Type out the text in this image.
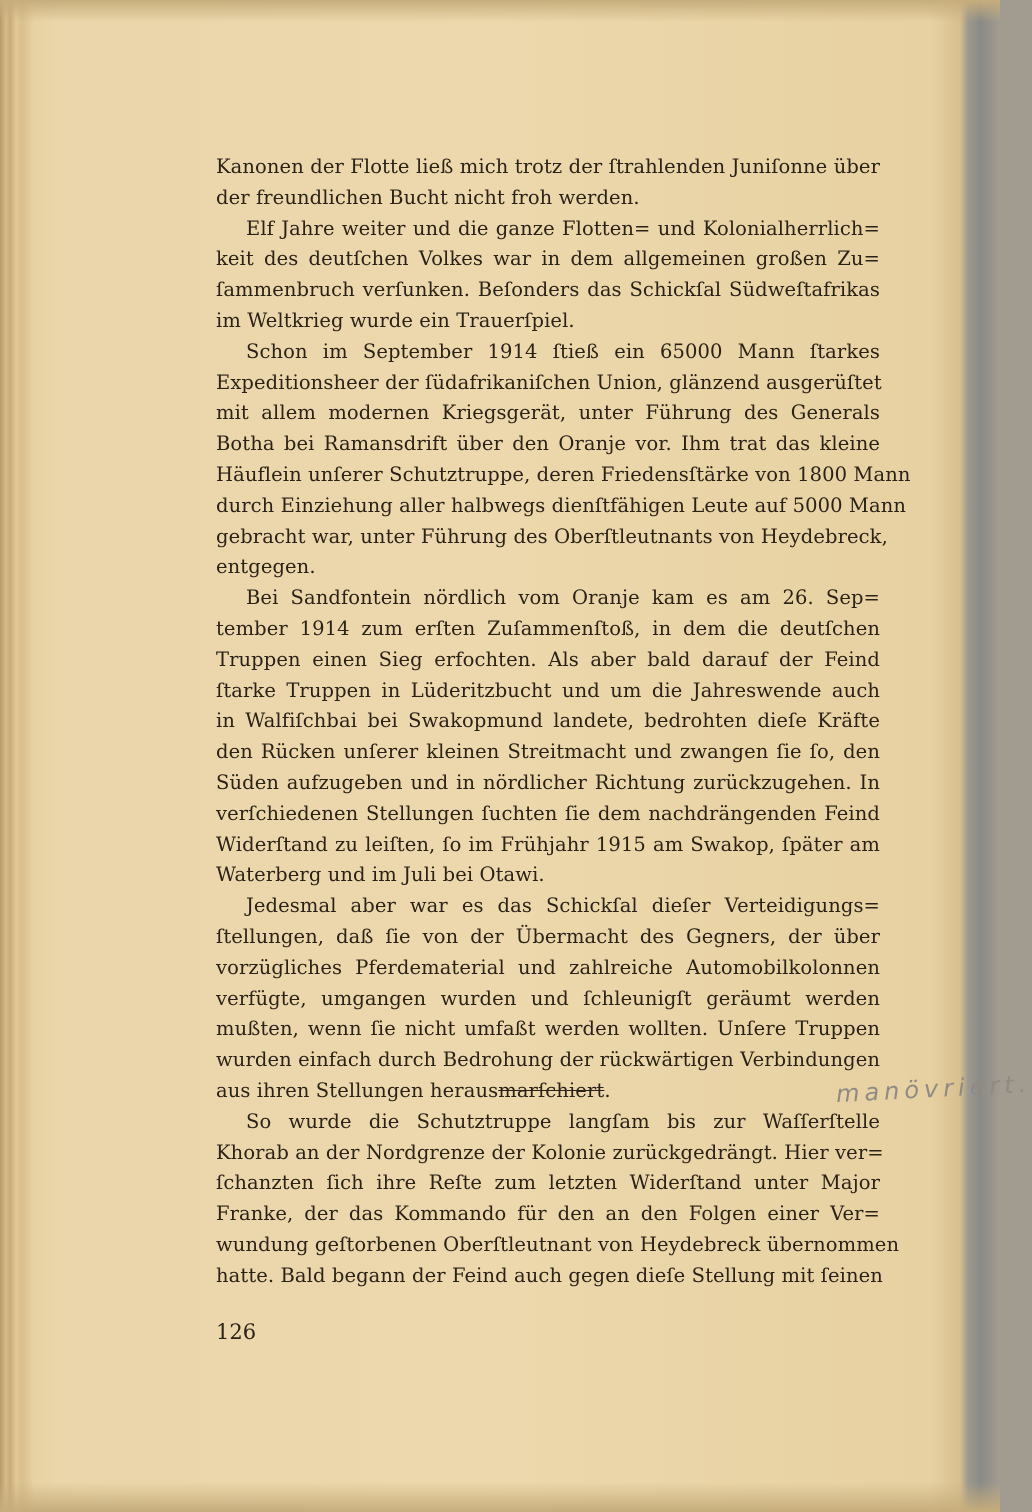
Kanonen der Flotte ließ mich trotz der ſtrahlenden Juniſonne über
der freundlichen Bucht nicht froh werden.
Elf Jahre weiter und die ganze Flotten= und Kolonialherrlich=
keit des deutſchen Volkes war in dem allgemeinen großen Zu=
ſammenbruch verſunken. Beſonders das Schickſal Südweſtafrikas
im Weltkrieg wurde ein Trauerſpiel.
Schon im September 1914 ſtieß ein 65000 Mann ſtarkes
Expeditionsheer der ſüdafrikaniſchen Union, glänzend ausgerüſtet
mit allem modernen Kriegsgerät, unter Führung des Generals
Botha bei Ramansdrift über den Oranje vor. Ihm trat das kleine
Häuflein unſerer Schutztruppe, deren Friedensſtärke von 1800 Mann
durch Einziehung aller halbwegs dienſtfähigen Leute auf 5000 Mann
gebracht war, unter Führung des Oberſtleutnants von Heydebreck,
entgegen.
Bei Sandfontein nördlich vom Oranje kam es am 26. Sep=
tember 1914 zum erſten Zuſammenſtoß, in dem die deutſchen
Truppen einen Sieg erfochten. Als aber bald darauf der Feind
ſtarke Truppen in Lüderitzbucht und um die Jahreswende auch
in Walfiſchbai bei Swakopmund landete, bedrohten dieſe Kräfte
den Rücken unſerer kleinen Streitmacht und zwangen ſie ſo, den
Süden aufzugeben und in nördlicher Richtung zurückzugehen. In
verſchiedenen Stellungen ſuchten ſie dem nachdrängenden Feind
Widerſtand zu leiſten, ſo im Frühjahr 1915 am Swakop, ſpäter am
Waterberg und im Juli bei Otawi.
Jedesmal aber war es das Schickſal dieſer Verteidigungs=
ſtellungen, daß ſie von der Übermacht des Gegners, der über
vorzügliches Pferdematerial und zahlreiche Automobilkolonnen
verfügte, umgangen wurden und ſchleunigſt geräumt werden
mußten, wenn ſie nicht umfaßt werden wollten. Unſere Truppen
wurden einfach durch Bedrohung der rückwärtigen Verbindungen
aus ihren Stellungen herausmarſchiert.	manövriert.
So wurde die Schutztruppe langſam bis zur Waſſerſtelle
Khorab an der Nordgrenze der Kolonie zurückgedrängt. Hier ver=
ſchanzten ſich ihre Reſte zum letzten Widerſtand unter Major
Franke, der das Kommando für den an den Folgen einer Ver=
wundung geſtorbenen Oberſtleutnant von Heydebreck übernommen
hatte. Bald begann der Feind auch gegen dieſe Stellung mit ſeinen
126
